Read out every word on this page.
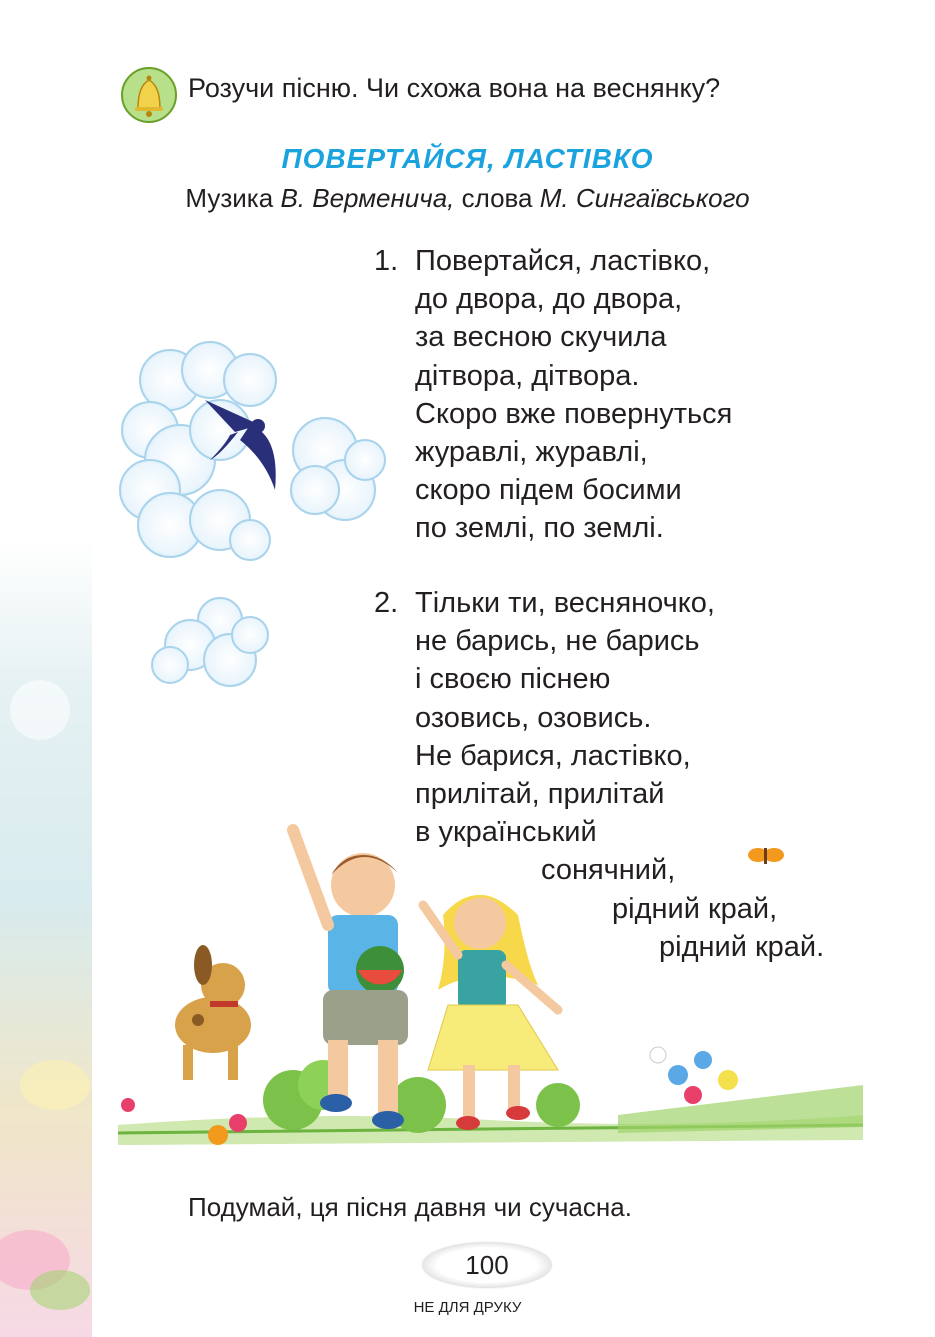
Розучи пісню. Чи схожа вона на веснянку?
ПОВЕРТАЙСЯ, ЛАСТІВКО
Музика В. Верменича, слова М. Сингаївського
1. Повертайся, ластівко,
до двора, до двора,
за весною скучила
дітвора, дітвора.
Скоро вже повернуться
журавлі, журавлі,
скоро підем босими
по землі, по землі.
2. Тільки ти, весняночко,
не барись, не барись
і своєю піснею
озовись, озовись.
Не барися, ластівко,
прилітай, прилітай
в український
сонячний,
рідний край,
рідний край.
Подумай, ця пісня давня чи сучасна.
100
НЕ ДЛЯ ДРУКУ
